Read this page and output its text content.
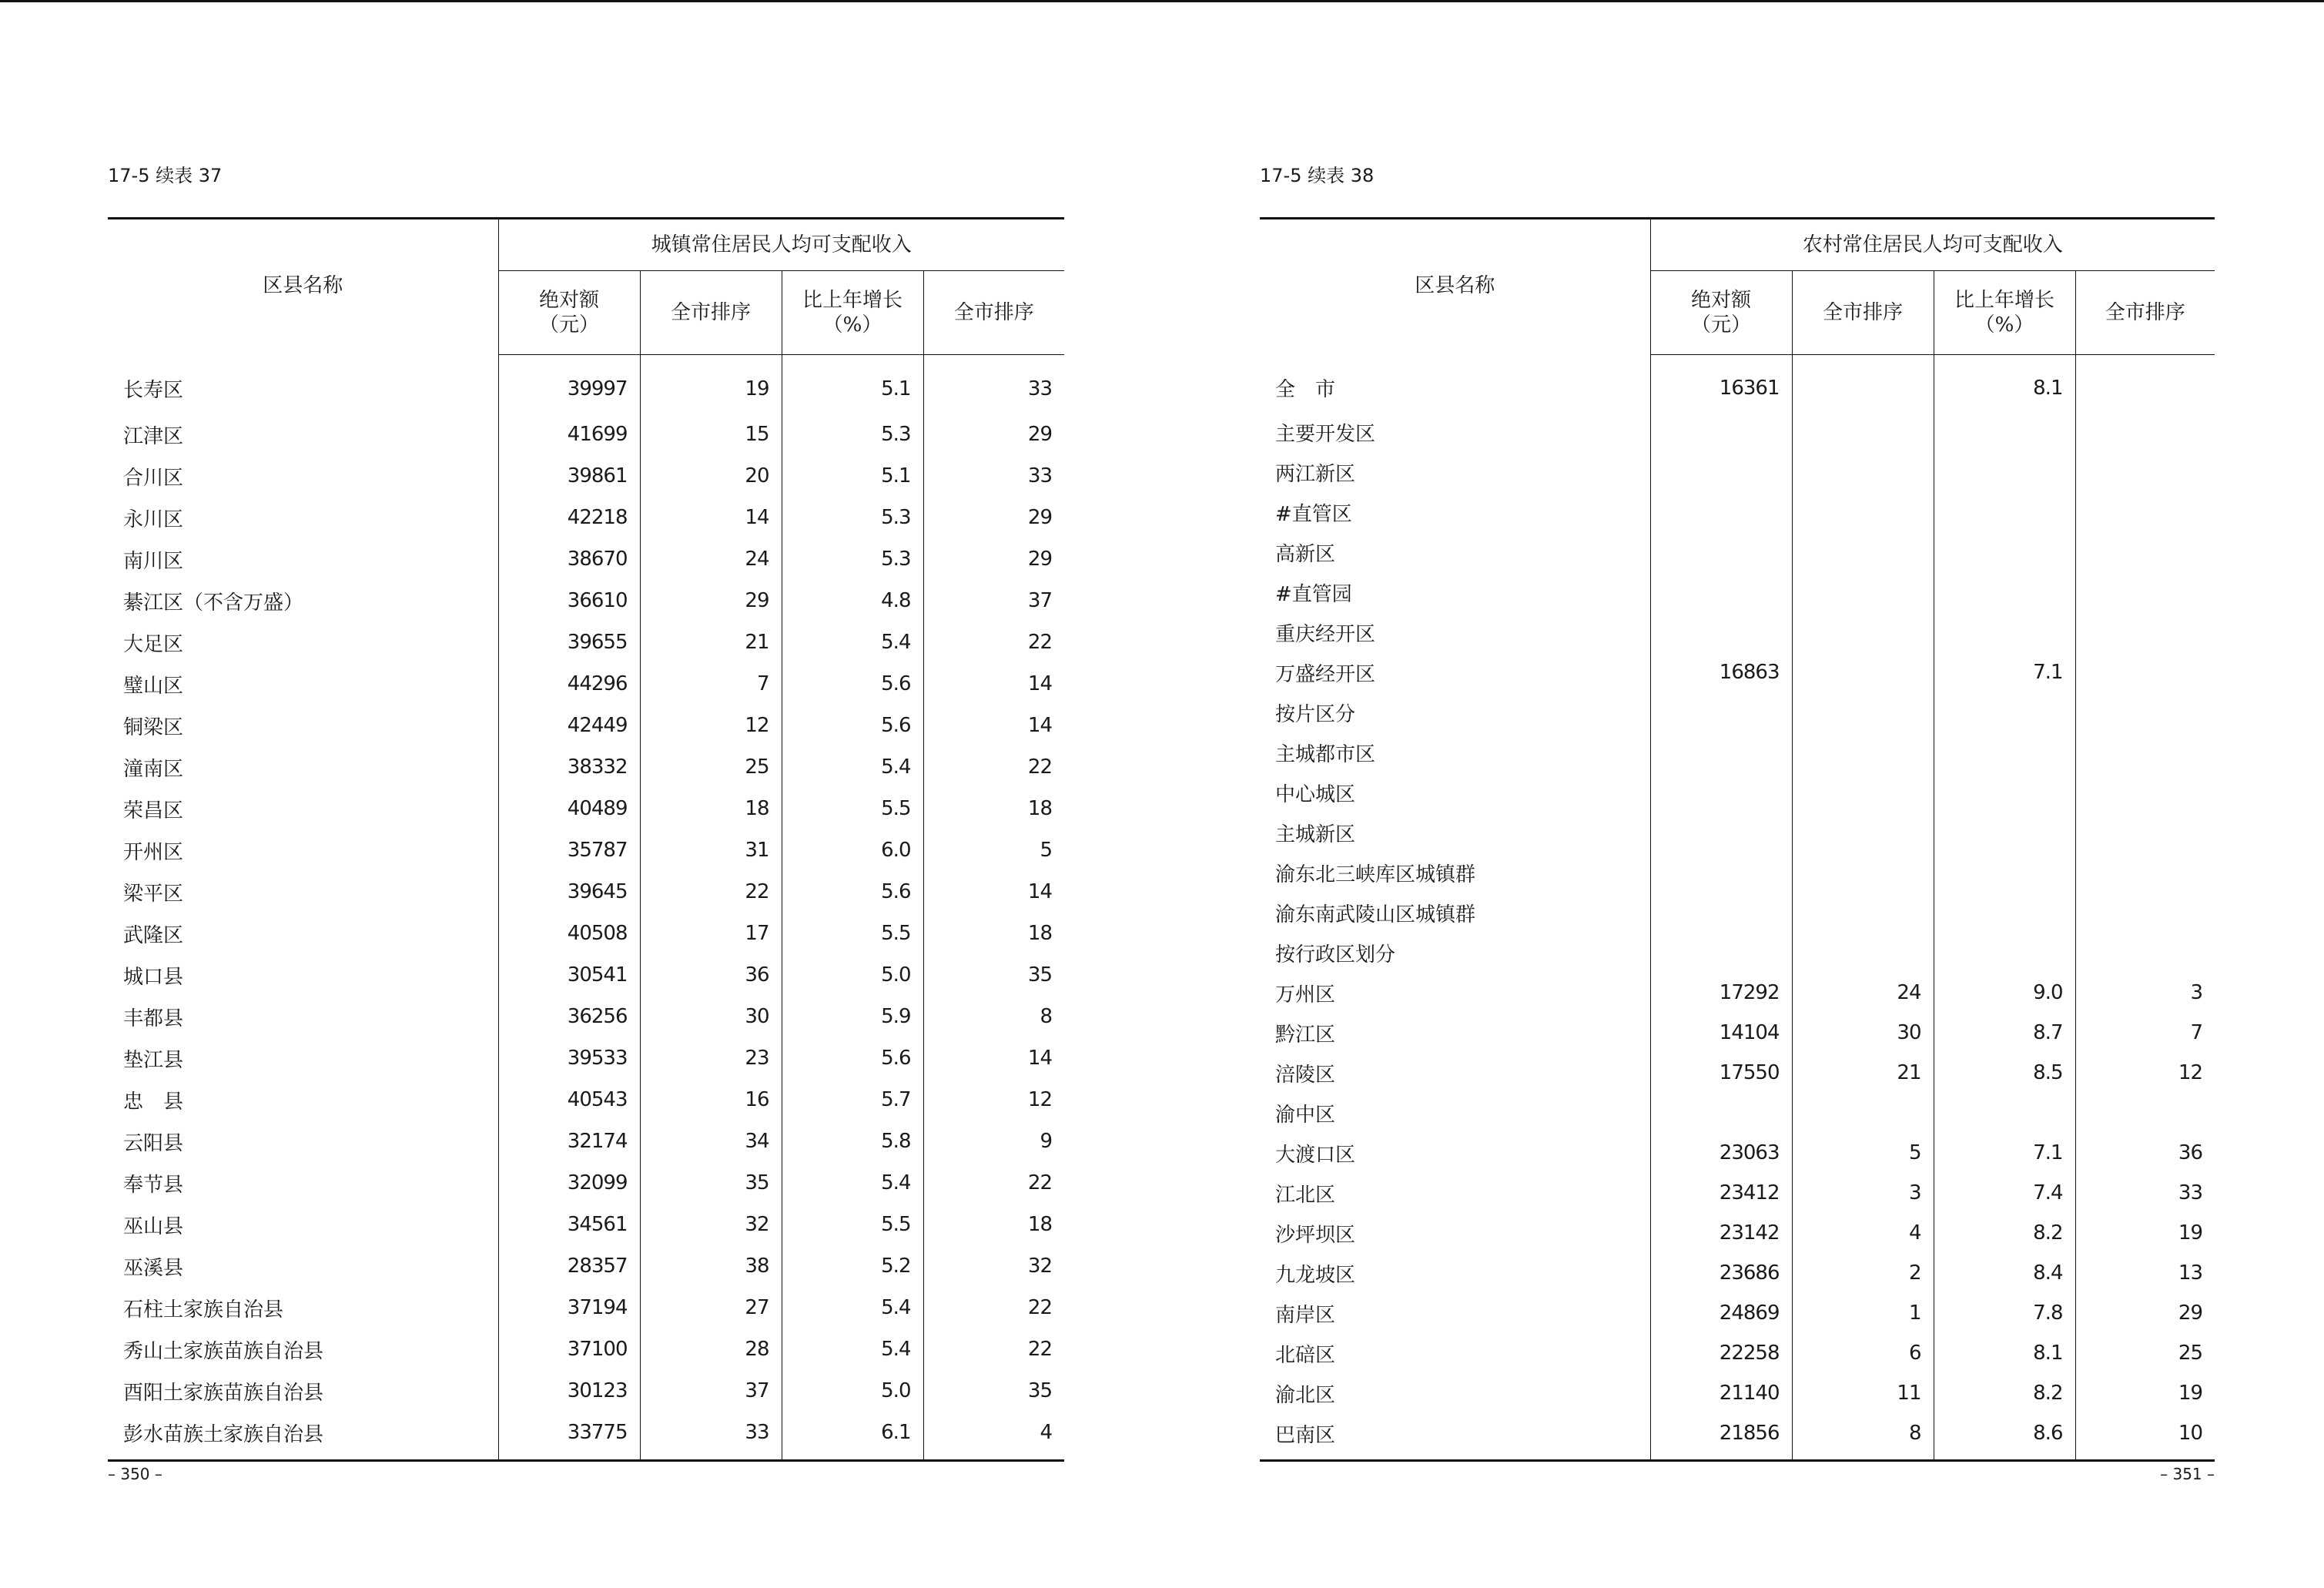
17-5 续表 37
区县名称	城镇常住居民人均可支配收入			
	绝对额
（元）	全市排序	比上年增长
（%）	全市排序
长寿区	39997	19	5.1	33
江津区	41699	15	5.3	29
合川区	39861	20	5.1	33
永川区	42218	14	5.3	29
南川区	38670	24	5.3	29
綦江区（不含万盛）	36610	29	4.8	37
大足区	39655	21	5.4	22
璧山区	44296	7	5.6	14
铜梁区	42449	12	5.6	14
潼南区	38332	25	5.4	22
荣昌区	40489	18	5.5	18
开州区	35787	31	6.0	5
梁平区	39645	22	5.6	14
武隆区	40508	17	5.5	18
城口县	30541	36	5.0	35
丰都县	36256	30	5.9	8
垫江县	39533	23	5.6	14
忠　县	40543	16	5.7	12
云阳县	32174	34	5.8	9
奉节县	32099	35	5.4	22
巫山县	34561	32	5.5	18
巫溪县	28357	38	5.2	32
石柱土家族自治县	37194	27	5.4	22
秀山土家族苗族自治县	37100	28	5.4	22
酉阳土家族苗族自治县	30123	37	5.0	35
彭水苗族土家族自治县	33775	33	6.1	4
– 350 –
17-5 续表 38
区县名称	农村常住居民人均可支配收入			
	绝对额
（元）	全市排序	比上年增长
（%）	全市排序
全　市	16361		8.1	
主要开发区				
两江新区				
#直管区				
高新区				
#直管园				
重庆经开区				
万盛经开区	16863		7.1	
按片区分				
主城都市区				
中心城区				
主城新区				
渝东北三峡库区城镇群				
渝东南武陵山区城镇群				
按行政区划分				
万州区	17292	24	9.0	3
黔江区	14104	30	8.7	7
涪陵区	17550	21	8.5	12
渝中区				
大渡口区	23063	5	7.1	36
江北区	23412	3	7.4	33
沙坪坝区	23142	4	8.2	19
九龙坡区	23686	2	8.4	13
南岸区	24869	1	7.8	29
北碚区	22258	6	8.1	25
渝北区	21140	11	8.2	19
巴南区	21856	8	8.6	10
– 351 –
